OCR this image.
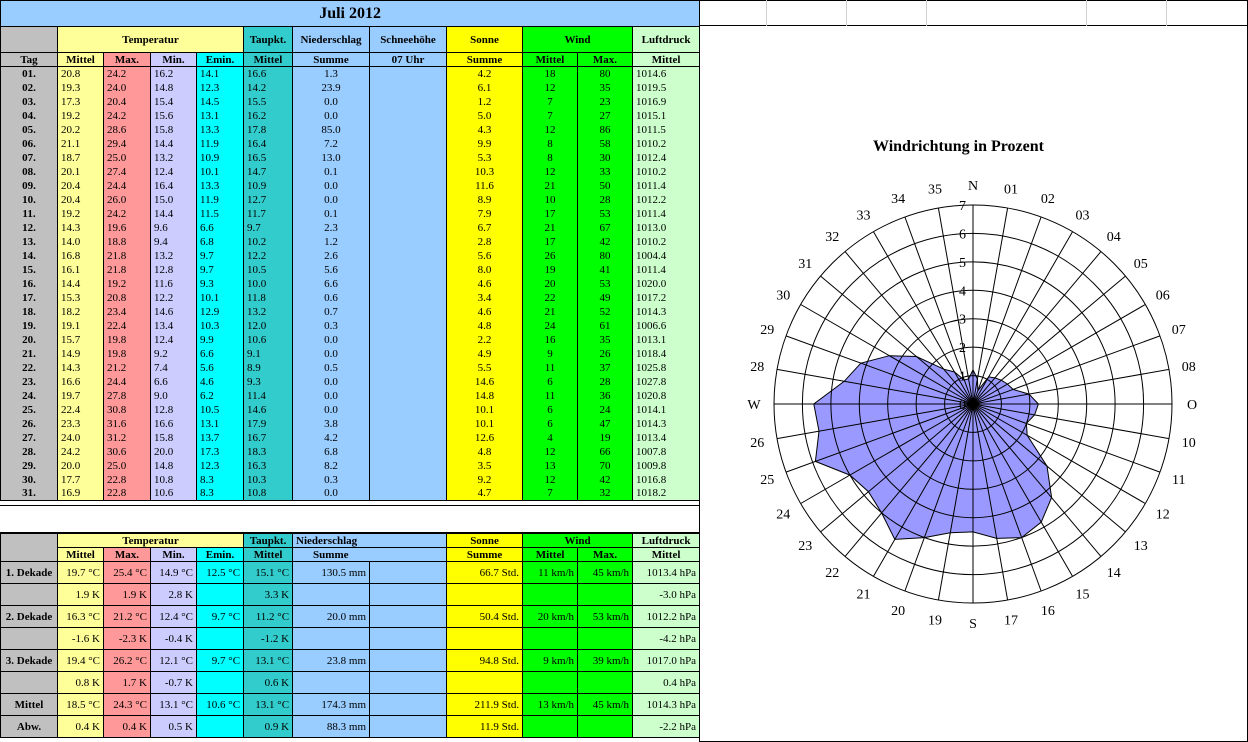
Juli 2012											
	Temperatur				Taupkt.	Niederschlag	Schneehöhe	Sonne	Wind		Luftdruck
Tag	Mittel	Max.	Min.	Emin.	Mittel	Summe	07 Uhr	Summe	Mittel	Max.	Mittel
01.	20.8	24.2	16.2	14.1	16.6	1.3		4.2	18	80	1014.6
02.	19.3	24.0	14.8	12.3	14.2	23.9		6.1	12	35	1019.5
03.	17.3	20.4	15.4	14.5	15.5	0.0		1.2	7	23	1016.9
04.	19.2	24.2	15.6	13.1	16.2	0.0		5.0	7	27	1015.1
05.	20.2	28.6	15.8	13.3	17.8	85.0		4.3	12	86	1011.5
06.	21.1	29.4	14.4	11.9	16.4	7.2		9.9	8	58	1010.2
07.	18.7	25.0	13.2	10.9	16.5	13.0		5.3	8	30	1012.4
08.	20.1	27.4	12.4	10.1	14.7	0.1		10.3	12	33	1010.2
09.	20.4	24.4	16.4	13.3	10.9	0.0		11.6	21	50	1011.4
10.	20.4	26.0	15.0	11.9	12.7	0.0		8.9	10	28	1012.2
11.	19.2	24.2	14.4	11.5	11.7	0.1		7.9	17	53	1011.4
12.	14.3	19.6	9.6	6.6	9.7	2.3		6.7	21	67	1013.0
13.	14.0	18.8	9.4	6.8	10.2	1.2		2.8	17	42	1010.2
14.	16.8	21.8	13.2	9.7	12.2	2.6		5.6	26	80	1004.4
15.	16.1	21.8	12.8	9.7	10.5	5.6		8.0	19	41	1011.4
16.	14.4	19.2	11.6	9.3	10.0	6.6		4.6	20	53	1020.0
17.	15.3	20.8	12.2	10.1	11.8	0.6		3.4	22	49	1017.2
18.	18.2	23.4	14.6	12.9	13.2	0.7		4.6	21	52	1014.3
19.	19.1	22.4	13.4	10.3	12.0	0.3		4.8	24	61	1006.6
20.	15.7	19.8	12.4	9.9	10.6	0.0		2.2	16	35	1013.1
21.	14.9	19.8	9.2	6.6	9.1	0.0		4.9	9	26	1018.4
22.	14.3	21.2	7.4	5.6	8.9	0.5		5.5	11	37	1025.8
23.	16.6	24.4	6.6	4.6	9.3	0.0		14.6	6	28	1027.8
24.	19.7	27.8	9.0	6.2	11.4	0.0		14.8	11	36	1020.8
25.	22.4	30.8	12.8	10.5	14.6	0.0		10.1	6	24	1014.1
26.	23.3	31.6	16.6	13.1	17.9	3.8		10.1	6	47	1014.3
27.	24.0	31.2	15.8	13.7	16.7	4.2		12.6	4	19	1013.4
28.	24.2	30.6	20.0	17.3	18.3	6.8		4.8	12	66	1007.8
29.	20.0	25.0	14.8	12.3	16.3	8.2		3.5	13	70	1009.8
30.	17.7	22.8	10.8	8.3	10.3	0.3		9.2	12	42	1016.8
31.	16.9	22.8	10.6	8.3	10.8	0.0		4.7	7	32	1018.2
	Temperatur				Taupkt.	Niederschlag		Sonne	Wind		Luftdruck
	Mittel	Max.	Min.	Emin.	Mittel	Summe		Summe	Mittel	Max.	Mittel
1. Dekade	19.7 °C	25.4 °C	14.9 °C	12.5 °C	15.1 °C	130.5 mm		66.7 Std.	11 km/h	45 km/h	1013.4 hPa
	1.9 K	1.9 K	2.8 K		3.3 K						-3.0 hPa
2. Dekade	16.3 °C	21.2 °C	12.4 °C	9.7 °C	11.2 °C	20.0 mm		50.4 Std.	20 km/h	53 km/h	1012.2 hPa
	-1.6 K	-2.3 K	-0.4 K		-1.2 K						-4.2 hPa
3. Dekade	19.4 °C	26.2 °C	12.1 °C	9.7 °C	13.1 °C	23.8 mm		94.8 Std.	9 km/h	39 km/h	1017.0 hPa
	0.8 K	1.7 K	-0.7 K		0.6 K						0.4 hPa
Mittel	18.5 °C	24.3 °C	13.1 °C	10.6 °C	13.1 °C	174.3 mm		211.9 Std.	13 km/h	45 km/h	1014.3 hPa
Abw.	0.4 K	0.4 K	0.5 K		0.9 K	88.3 mm		11.9 Std.			-2.2 hPa
Windrichtung in Prozent
0
1
2
3
4
5
6
7
N 01
02
03
04
05
06
07
08
O
10
11
12
13
14
15
16
17
S
19
20
21
22
23
24
25
26
W
28
29
30
31
32
33
34
35
